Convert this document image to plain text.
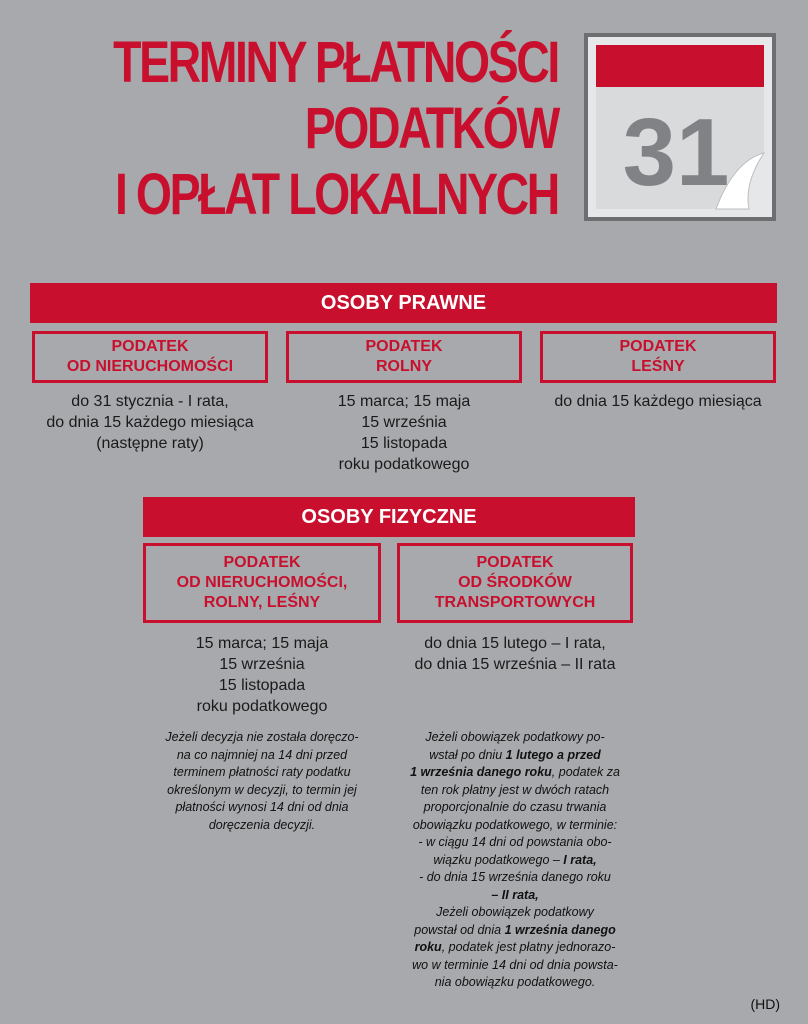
TERMINY PŁATNOŚCI
PODATKÓW
I OPŁAT LOKALNYCH 31
OSOBY PRAWNE
PODATEK
OD NIERUCHOMOŚCI
PODATEK
ROLNY
PODATEK
LEŚNY
do 31 stycznia - I rata,
do dnia 15 każdego miesiąca
(następne raty)
15 marca; 15 maja
15 września
15 listopada
roku podatkowego
do dnia 15 każdego miesiąca
OSOBY FIZYCZNE
PODATEK
OD NIERUCHOMOŚCI,
ROLNY, LEŚNY
PODATEK
OD ŚRODKÓW
TRANSPORTOWYCH
15 marca; 15 maja
15 września
15 listopada
roku podatkowego
do dnia 15 lutego – I rata,
do dnia 15 września – II rata
Jeżeli decyzja nie została doręczo-
na co najmniej na 14 dni przed
terminem płatności raty podatku
określonym w decyzji, to termin jej
płatności wynosi 14 dni od dnia
doręczenia decyzji.
Jeżeli obowiązek podatkowy po-
wstał po dniu 1 lutego a przed
1 września danego roku, podatek za
ten rok płatny jest w dwóch ratach
proporcjonalnie do czasu trwania
obowiązku podatkowego, w terminie:
- w ciągu 14 dni od powstania obo-
wiązku podatkowego – I rata,
- do dnia 15 września danego roku
– II rata,
Jeżeli obowiązek podatkowy
powstał od dnia 1 września danego
roku, podatek jest płatny jednorazo-
wo w terminie 14 dni od dnia powsta-
nia obowiązku podatkowego.
(HD)
